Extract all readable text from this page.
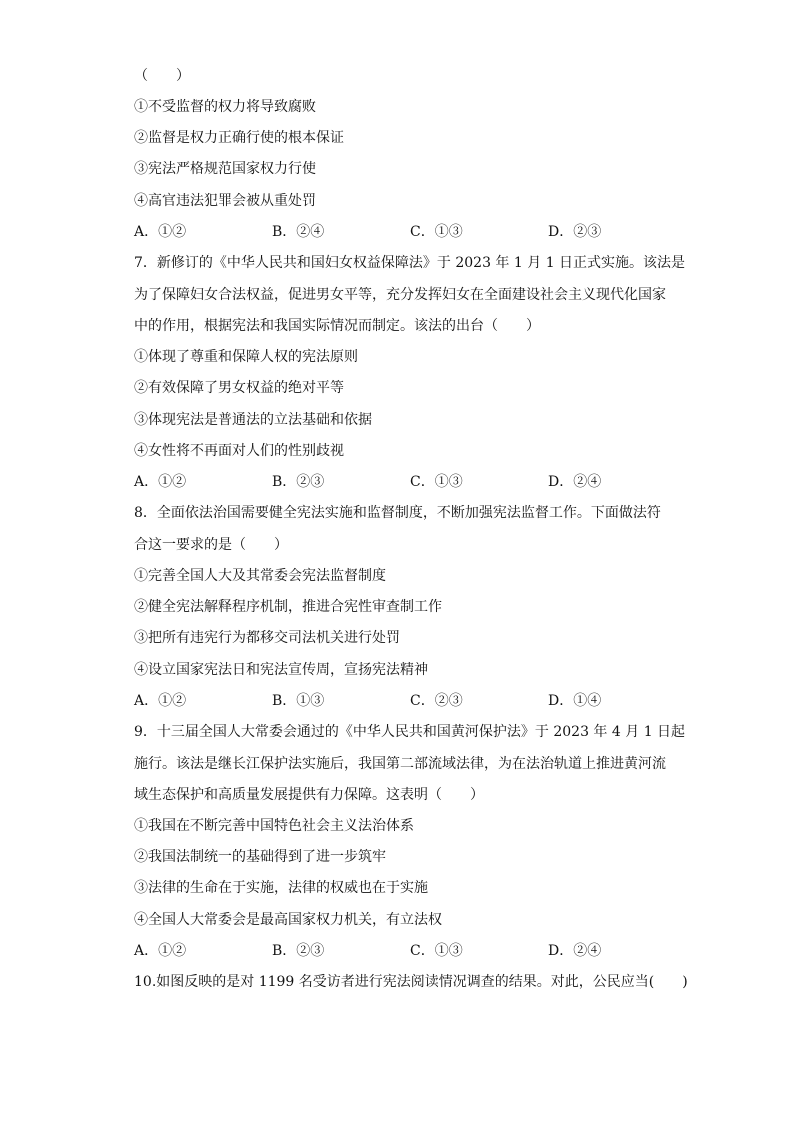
（　　）
①不受监督的权力将导致腐败
②监督是权力正确行使的根本保证
③宪法严格规范国家权力行使
④高官违法犯罪会被从重处罚
A．①②	B．②④	C．①③	D．②③
7．新修订的《中华人民共和国妇女权益保障法》于 2023 年 1 月 1 日正式实施。该法是
为了保障妇女合法权益，促进男女平等，充分发挥妇女在全面建设社会主义现代化国家
中的作用，根据宪法和我国实际情况而制定。该法的出台（　　）
①体现了尊重和保障人权的宪法原则
②有效保障了男女权益的绝对平等
③体现宪法是普通法的立法基础和依据
④女性将不再面对人们的性别歧视
A．①②	B．②③	C．①③	D．②④
8．全面依法治国需要健全宪法实施和监督制度，不断加强宪法监督工作。下面做法符
合这一要求的是（　　）
①完善全国人大及其常委会宪法监督制度
②健全宪法解释程序机制，推进合宪性审查制工作
③把所有违宪行为都移交司法机关进行处罚
④设立国家宪法日和宪法宣传周，宣扬宪法精神
A．①②	B．①③	C．②③	D．①④
9．十三届全国人大常委会通过的《中华人民共和国黄河保护法》于 2023 年 4 月 1 日起
施行。该法是继长江保护法实施后，我国第二部流域法律，为在法治轨道上推进黄河流
域生态保护和高质量发展提供有力保障。这表明（　　）
①我国在不断完善中国特色社会主义法治体系
②我国法制统一的基础得到了进一步筑牢
③法律的生命在于实施，法律的权威也在于实施
④全国人大常委会是最高国家权力机关，有立法权
A．①②	B．②③	C．①③	D．②④
10.如图反映的是对 1199 名受访者进行宪法阅读情况调查的结果。对此，公民应当(　　)
